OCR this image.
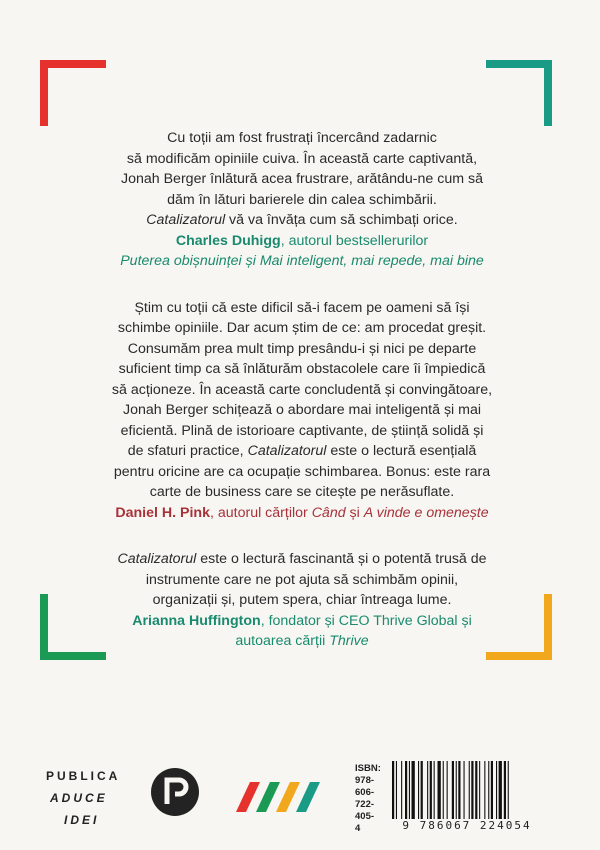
Cu toții am fost frustrați încercând zadarnic
să modificăm opiniile cuiva. În această carte captivantă,
Jonah Berger înlătură acea frustrare, arătându-ne cum să
dăm în lături barierele din calea schimbării.
Catalizatorul vă va învăța cum să schimbați orice.
Charles Duhigg, autorul bestsellerurilor
Puterea obișnuinței și Mai inteligent, mai repede, mai bine
Știm cu toții că este dificil să-i facem pe oameni să își
schimbe opiniile. Dar acum știm de ce: am procedat greșit.
Consumăm prea mult timp presându-i și nici pe departe
suficient timp ca să înlăturăm obstacolele care îi împiedică
să acționeze. În această carte concludentă și convingătoare,
Jonah Berger schițează o abordare mai inteligentă și mai
eficientă. Plină de istorioare captivante, de știință solidă și
de sfaturi practice, Catalizatorul este o lectură esențială
pentru oricine are ca ocupație schimbarea. Bonus: este rara
carte de business care se citește pe nerăsuflate.
Daniel H. Pink, autorul cărților Când și A vinde e omenește
Catalizatorul este o lectură fascinantă și o potentă trusă de
instrumente care ne pot ajuta să schimbăm opinii,
organizații și, putem spera, chiar întreaga lume.
Arianna Huffington, fondator și CEO Thrive Global și
autoarea cărții Thrive
PUBLICA
ADUCE
IDEI
ISBN:
978-
606-
722-
405-
4	9 786067 224054
